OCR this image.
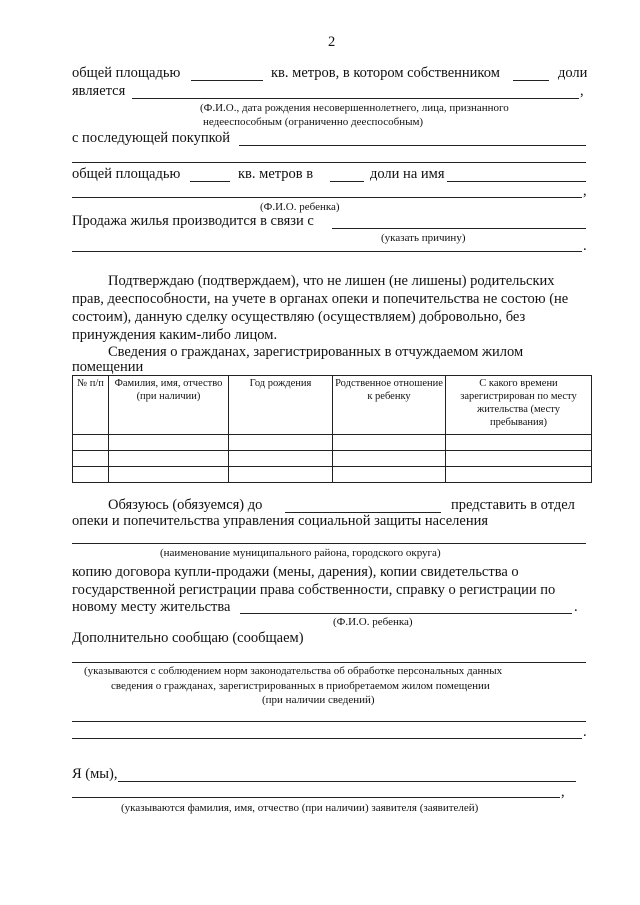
2
общей площадью	кв. метров, в котором собственником	доли
является	,
(Ф.И.О., дата рождения несовершеннолетнего, лица, признанного
недееспособным (ограниченно дееспособным)
с последующей покупкой
общей площадью	кв. метров в	доли на имя
,
(Ф.И.О. ребенка)
Продажа жилья производится в связи с
(указать причину)	.
Подтверждаю (подтверждаем), что не лишен (не лишены) родительских
прав, дееспособности, на учете в органах опеки и попечительства не состою (не
состоим), данную сделку осуществляю (осуществляем) добровольно, без
принуждения каким-либо лицом.
Сведения о гражданах, зарегистрированных в отчуждаемом жилом
помещении
№ п/п	Фамилия, имя, отчество (при наличии)	Год рождения	Родственное отношение к ребенку	С какого времени зарегистрирован по месту жительства (месту пребывания)

Обязуюсь (обязуемся) до	представить в отдел
опеки и попечительства управления социальной защиты населения
(наименование муниципального района, городского округа)
копию договора купли-продажи (мены, дарения), копии свидетельства о
государственной регистрации права собственности, справку о регистрации по
новому месту жительства	.
(Ф.И.О. ребенка)
Дополнительно сообщаю (сообщаем)
(указываются с соблюдением норм законодательства об обработке персональных данных
сведения о гражданах, зарегистрированных в приобретаемом жилом помещении
(при наличии сведений)
.
Я (мы),
,
(указываются фамилия, имя, отчество (при наличии) заявителя (заявителей)
